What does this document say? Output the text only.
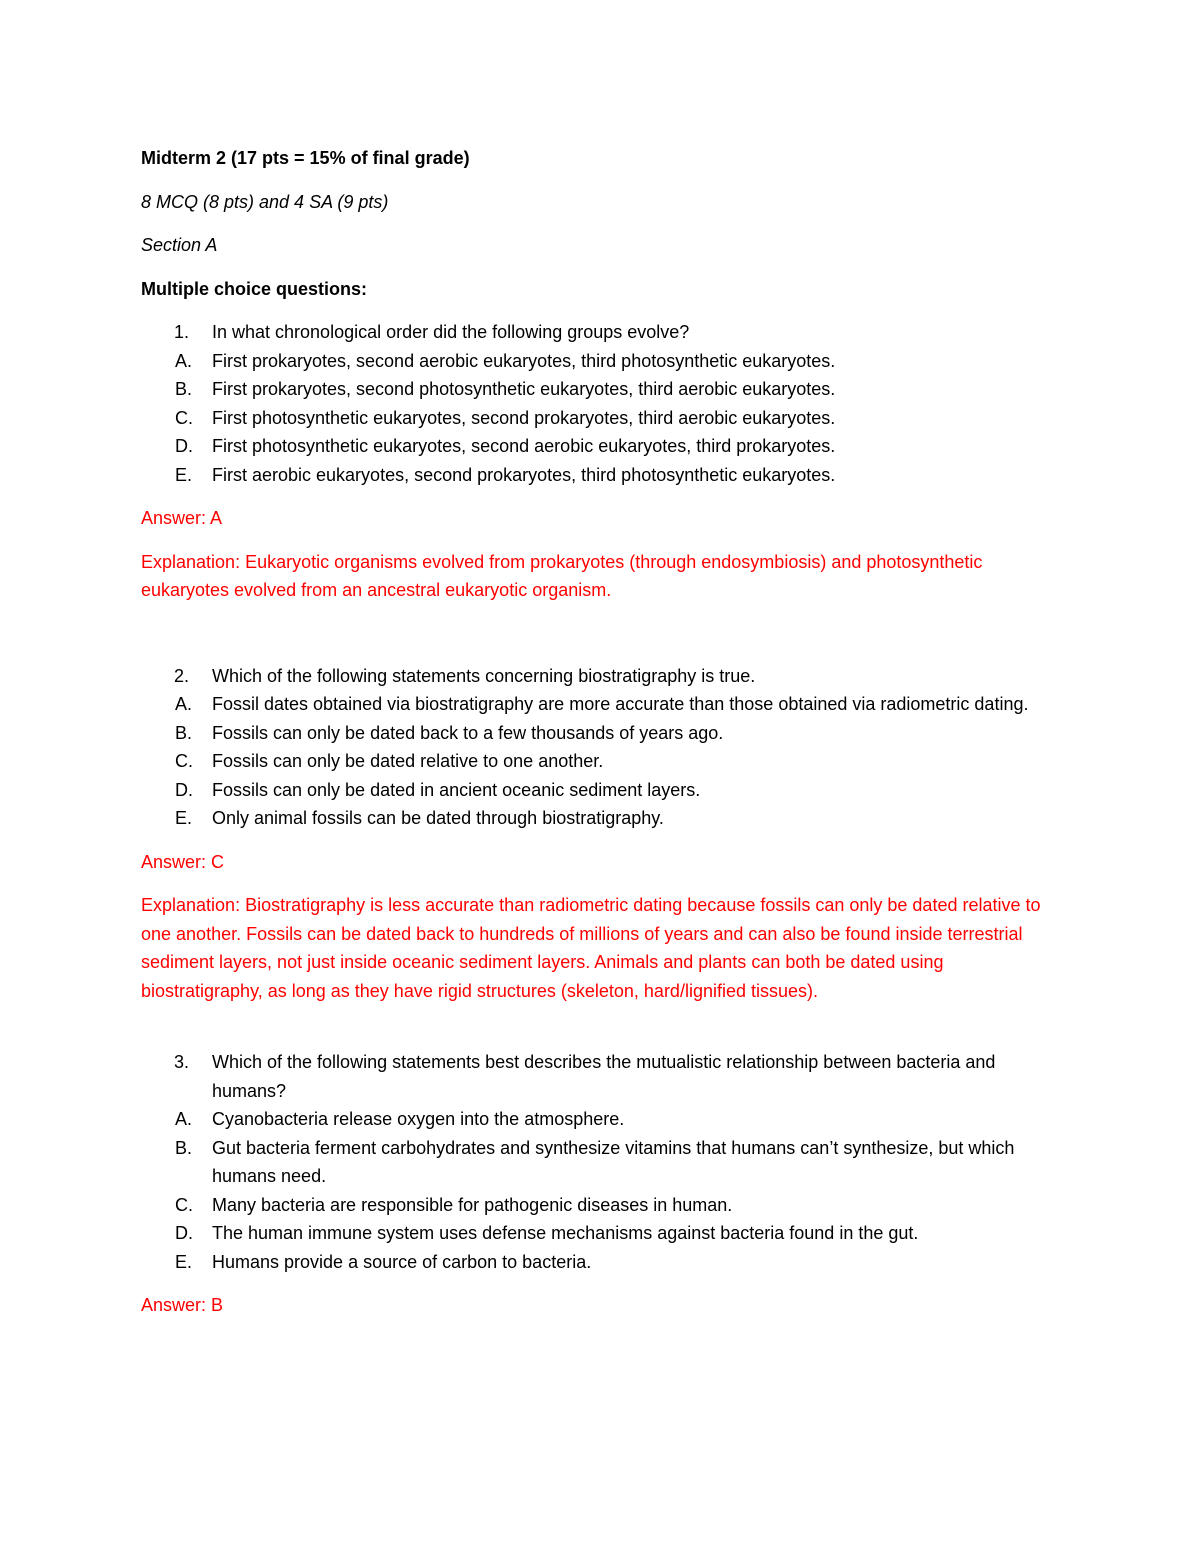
Midterm 2 (17 pts = 15% of final grade)

8 MCQ (8 pts) and 4 SA (9 pts)

Section A

Multiple choice questions:

1. In what chronological order did the following groups evolve?

A. First prokaryotes, second aerobic eukaryotes, third photosynthetic eukaryotes.
B. First prokaryotes, second photosynthetic eukaryotes, third aerobic eukaryotes.
C. First photosynthetic eukaryotes, second prokaryotes, third aerobic eukaryotes.
D. First photosynthetic eukaryotes, second aerobic eukaryotes, third prokaryotes.
E. First aerobic eukaryotes, second prokaryotes, third photosynthetic eukaryotes.

Answer: A

Explanation: Eukaryotic organisms evolved from prokaryotes (through endosymbiosis) and photosynthetic eukaryotes evolved from an ancestral eukaryotic organism.

2. Which of the following statements concerning biostratigraphy is true.

A. Fossil dates obtained via biostratigraphy are more accurate than those obtained via radiometric dating.
B. Fossils can only be dated back to a few thousands of years ago.
C. Fossils can only be dated relative to one another.
D. Fossils can only be dated in ancient oceanic sediment layers.
E. Only animal fossils can be dated through biostratigraphy.

Answer: C

Explanation: Biostratigraphy is less accurate than radiometric dating because fossils can only be dated relative to one another. Fossils can be dated back to hundreds of millions of years and can also be found inside terrestrial sediment layers, not just inside oceanic sediment layers. Animals and plants can both be dated using biostratigraphy, as long as they have rigid structures (skeleton, hard/lignified tissues).

3. Which of the following statements best describes the mutualistic relationship between bacteria and humans?

A. Cyanobacteria release oxygen into the atmosphere.
B. Gut bacteria ferment carbohydrates and synthesize vitamins that humans can’t synthesize, but which humans need.
C. Many bacteria are responsible for pathogenic diseases in human.
D. The human immune system uses defense mechanisms against bacteria found in the gut.
E. Humans provide a source of carbon to bacteria.

Answer: B
